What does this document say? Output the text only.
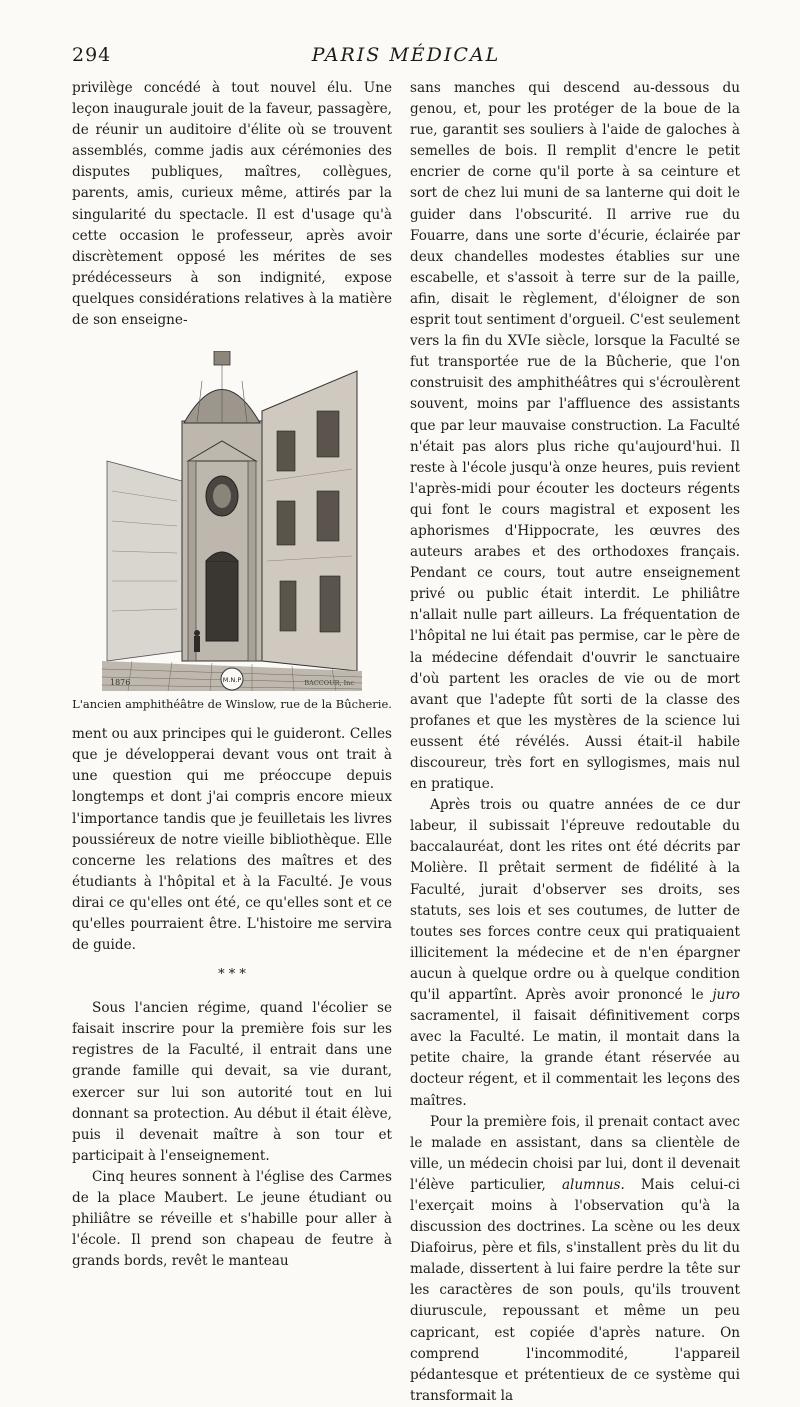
294	PARIS MÉDICAL

privilège concédé à tout nouvel élu. Une leçon inaugurale jouit de la faveur, passagère, de réunir un auditoire d'élite où se trouvent assemblés, comme jadis aux cérémonies des disputes publiques, maîtres, collègues, parents, amis, curieux même, attirés par la singularité du spectacle. Il est d'usage qu'à cette occasion le professeur, après avoir discrètement opposé les mérites de ses prédécesseurs à son indignité, expose quelques considérations relatives à la matière de son enseigne-

1876	M.N.P	BACCOUR, Inc
L'ancien amphithéâtre de Winslow, rue de la Bûcherie.

ment ou aux principes qui le guideront. Celles que je développerai devant vous ont trait à une question qui me préoccupe depuis longtemps et dont j'ai compris encore mieux l'importance tandis que je feuilletais les livres poussiéreux de notre vieille bibliothèque. Elle concerne les relations des maîtres et des étudiants à l'hôpital et à la Faculté. Je vous dirai ce qu'elles ont été, ce qu'elles sont et ce qu'elles pourraient être. L'histoire me servira de guide.

* * *

Sous l'ancien régime, quand l'écolier se faisait inscrire pour la première fois sur les registres de la Faculté, il entrait dans une grande famille qui devait, sa vie durant, exercer sur lui son autorité tout en lui donnant sa protection. Au début il était élève, puis il devenait maître à son tour et participait à l'enseignement.

Cinq heures sonnent à l'église des Carmes de la place Maubert. Le jeune étudiant ou philiâtre se réveille et s'habille pour aller à l'école. Il prend son chapeau de feutre à grands bords, revêt le manteau

sans manches qui descend au-dessous du genou, et, pour les protéger de la boue de la rue, garantit ses souliers à l'aide de galoches à semelles de bois. Il remplit d'encre le petit encrier de corne qu'il porte à sa ceinture et sort de chez lui muni de sa lanterne qui doit le guider dans l'obscurité. Il arrive rue du Fouarre, dans une sorte d'écurie, éclairée par deux chandelles modestes établies sur une escabelle, et s'assoit à terre sur de la paille, afin, disait le règlement, d'éloigner de son esprit tout sentiment d'orgueil. C'est seulement vers la fin du XVIe siècle, lorsque la Faculté se fut transportée rue de la Bûcherie, que l'on construisit des amphithéâtres qui s'écroulèrent souvent, moins par l'affluence des assistants que par leur mauvaise construction. La Faculté n'était pas alors plus riche qu'aujourd'hui. Il reste à l'école jusqu'à onze heures, puis revient l'après-midi pour écouter les docteurs régents qui font le cours magistral et exposent les aphorismes d'Hippocrate, les œuvres des auteurs arabes et des orthodoxes français. Pendant ce cours, tout autre enseignement privé ou public était interdit. Le philiâtre n'allait nulle part ailleurs. La fréquentation de l'hôpital ne lui était pas permise, car le père de la médecine défendait d'ouvrir le sanctuaire d'où partent les oracles de vie ou de mort avant que l'adepte fût sorti de la classe des profanes et que les mystères de la science lui eussent été révélés. Aussi était-il habile discoureur, très fort en syllogismes, mais nul en pratique.

Après trois ou quatre années de ce dur labeur, il subissait l'épreuve redoutable du baccalauréat, dont les rites ont été décrits par Molière. Il prêtait serment de fidélité à la Faculté, jurait d'observer ses droits, ses statuts, ses lois et ses coutumes, de lutter de toutes ses forces contre ceux qui pratiquaient illicitement la médecine et de n'en épargner aucun à quelque ordre ou à quelque condition qu'il appartînt. Après avoir prononcé le juro sacramentel, il faisait définitivement corps avec la Faculté. Le matin, il montait dans la petite chaire, la grande étant réservée au docteur régent, et il commentait les leçons des maîtres.

Pour la première fois, il prenait contact avec le malade en assistant, dans sa clientèle de ville, un médecin choisi par lui, dont il devenait l'élève particulier, alumnus. Mais celui-ci l'exerçait moins à l'observation qu'à la discussion des doctrines. La scène ou les deux Diafoirus, père et fils, s'installent près du lit du malade, dissertent à lui faire perdre la tête sur les caractères de son pouls, qu'ils trouvent diuruscule, repoussant et même un peu capricant, est copiée d'après nature. On comprend l'incommodité, l'appareil pédantesque et prétentieux de ce système qui transformait la
